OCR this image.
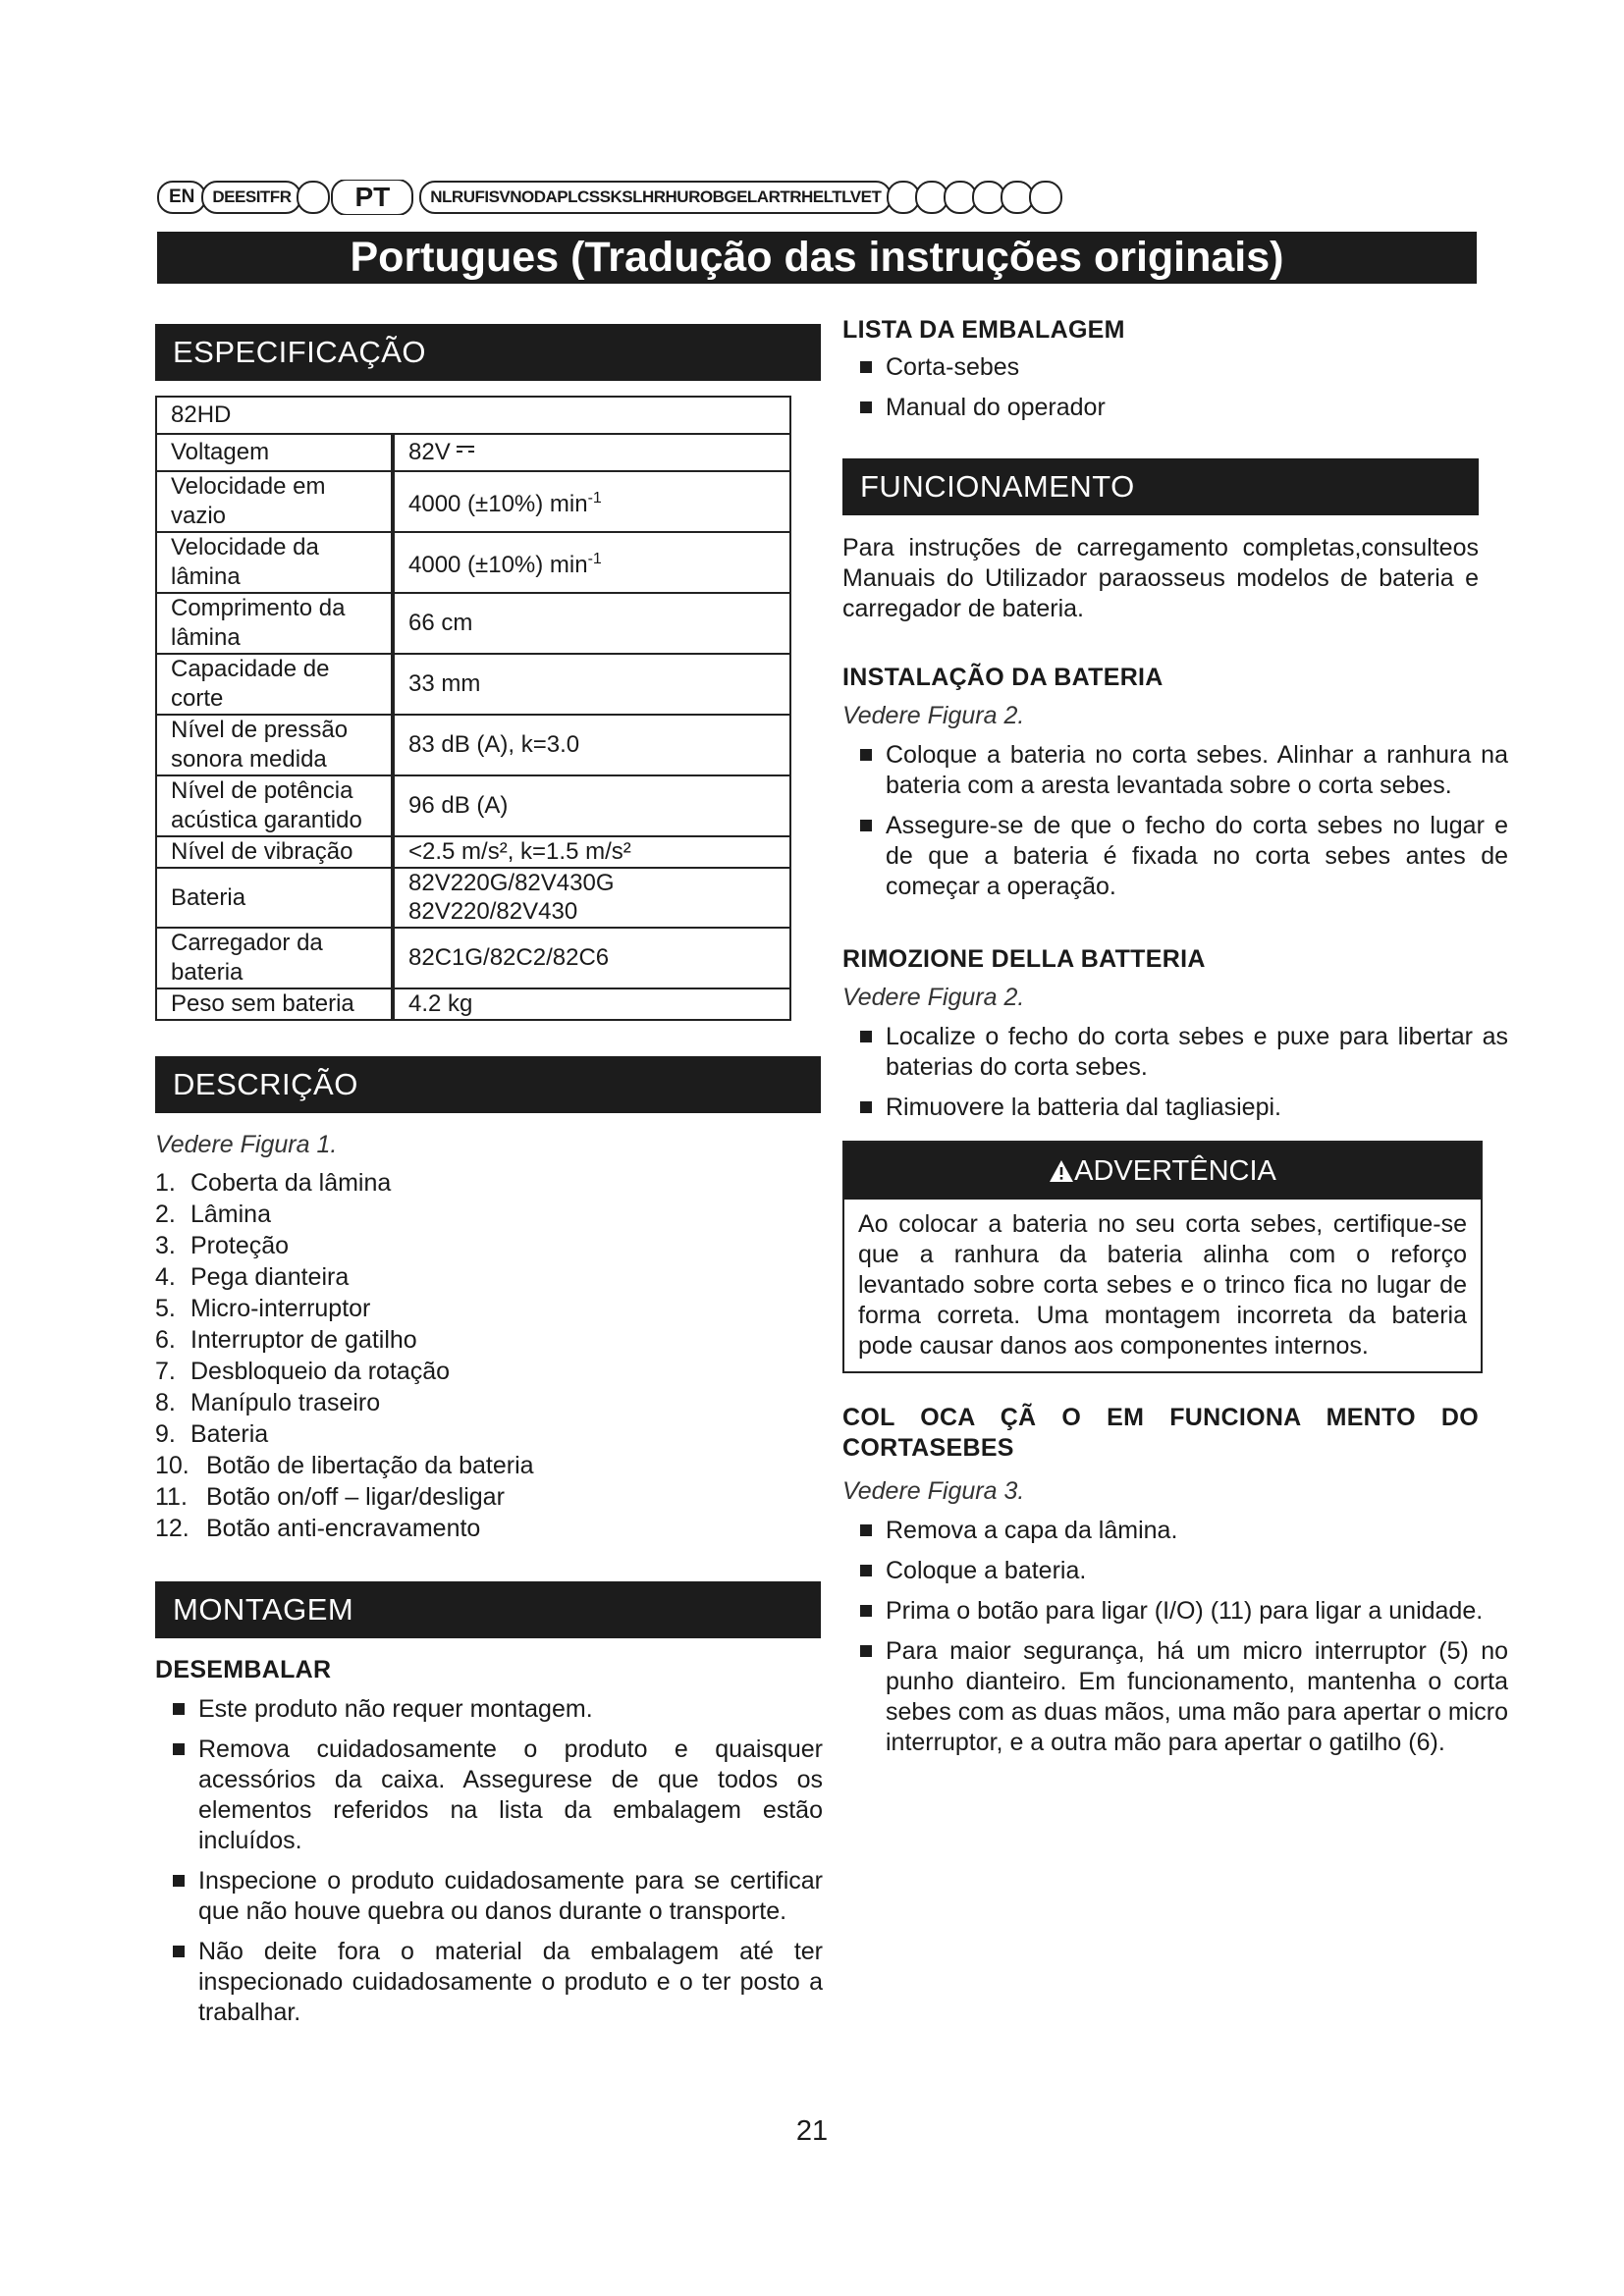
EN	DEESITFR	PT	NLRUFISVNODAPLCSSKSLHRHUROBGELARTRHELTLVET
Portugues (Tradução das instruções originais)
ESPECIFICAÇÃO
82HD	
Voltagem	82V

Velocidade em vazio	4000 (±10%) $\min^{-1}$
Velocidade da lâmina	4000 (±10%) $\min^{-1}$
Comprimento da lâmina	66 cm
Capacidade de corte	33 mm
Nível de pressão sonora medida	83 dB (A), k=3.0
Nível de potência acústica garantido	96 dB (A)
Nível de vibração	<2.5 m/s², k=1.5 m/s²
Bateria	82V220G/82V430G 82V220/82V430
Carregador da bateria	82C1G/82C2/82C6
Peso sem bateria	4.2 kg
DESCRIÇÃO
Vedere Figura 1.
1. Coberta da lâmina
2. Lâmina
3. Proteção
4. Pega dianteira
5. Micro-interruptor
6. Interruptor de gatilho
7. Desbloqueio da rotação
8. Manípulo traseiro
9. Bateria
10. Botão de libertação da bateria
11. Botão on/off – ligar/desligar
12. Botão anti-encravamento
MONTAGEM
DESEMBALAR
Este produto não requer montagem.
Remova cuidadosamente o produto e quaisquer acessórios da caixa. Assegurese de que todos os elementos referidos na lista da embalagem estão incluídos.
Inspecione o produto cuidadosamente para se certificar que não houve quebra ou danos durante o transporte.
Não deite fora o material da embalagem até ter inspecionado cuidadosamente o produto e o ter posto a trabalhar.
LISTA DA EMBALAGEM
Corta-sebes
Manual do operador
FUNCIONAMENTO
Para instruções de carregamento completas,consulteos Manuais do Utilizador paraosseus modelos de bateria e carregador de bateria.
INSTALAÇÃO DA BATERIA
Vedere Figura 2.
Coloque a bateria no corta sebes. Alinhar a ranhura na bateria com a aresta levantada sobre o corta sebes.
Assegure-se de que o fecho do corta sebes no lugar e de que a bateria é fixada no corta sebes antes de começar a operação.
RIMOZIONE DELLA BATTERIA
Vedere Figura 2.
Localize o fecho do corta sebes e puxe para libertar as baterias do corta sebes.
Rimuovere la batteria dal tagliasiepi.
ADVERTÊNCIA
Ao colocar a bateria no seu corta sebes, certifique-se que a ranhura da bateria alinha com o reforço levantado sobre corta sebes e o trinco fica no lugar de forma correta. Uma montagem incorreta da bateria pode causar danos aos componentes internos.
COL OCA ÇÃ O EM FUNCIONA MENTO DO CORTASEBES
Vedere Figura 3.
Remova a capa da lâmina.
Coloque a bateria.
Prima o botão para ligar (I/O) (11) para ligar a unidade.
Para maior segurança, há um micro interruptor (5) no punho dianteiro. Em funcionamento, mantenha o corta sebes com as duas mãos, uma mão para apertar o micro interruptor, e a outra mão para apertar o gatilho (6).
21
